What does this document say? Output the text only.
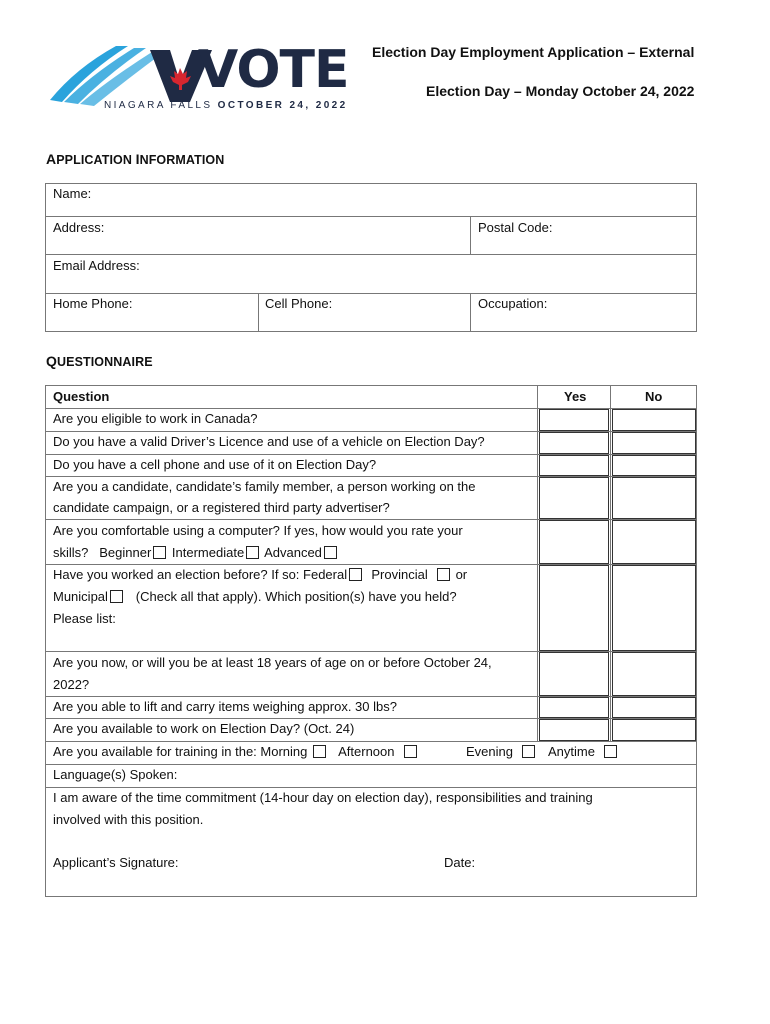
VOTE
NIAGARA FALLS OCTOBER 24, 2022
Election Day Employment Application – External
Election Day – Monday October 24, 2022
APPLICATION INFORMATION
Name:
Address:	Postal Code:
Email Address:
Home Phone:	Cell Phone:	Occupation:
QUESTIONNAIRE
Question	Yes	No
Are you eligible to work in Canada?
Do you have a valid Driver’s Licence and use of a vehicle on Election Day?
Do you have a cell phone and use of it on Election Day?
Are you a candidate, candidate’s family member, a person working on the
candidate campaign, or a registered third party advertiser?
Are you comfortable using a computer? If yes, how would you rate your
skills? Beginner Intermediate Advanced
Have you worked an election before? If so: Federal Provincial or
Municipal (Check all that apply). Which position(s) have you held?
Please list:
Are you now, or will you be at least 18 years of age on or before October 24,
2022?
Are you able to lift and carry items weighing approx. 30 lbs?
Are you available to work on Election Day? (Oct. 24)
Are you available for training in the: Morning Afternoon	Evening	Anytime
Language(s) Spoken:
I am aware of the time commitment (14-hour day on election day), responsibilities and training
involved with this position.
Applicant’s Signature:	Date:
